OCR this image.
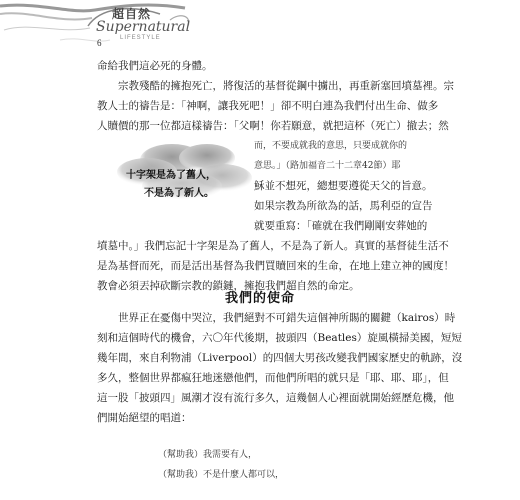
超自然
Supernatural
LIFESTYLE
6
命給我們這必死的身體。
宗教殘酷的擁抱死亡，將復活的基督從鋼中擄出，再重新塞回墳墓裡。宗
教人士的禱告是：「神啊，讓我死吧！」卻不明白連為我們付出生命、做多
人贖價的那一位都這樣禱告：「父啊！你若願意，就把這杯（死亡）撤去；然
而，不要成就我的意思，只要成就你的
意思。」（路加福音二十二章42節）耶
穌並不想死，總想要遵從天父的旨意。
如果宗教為所欲為的話，馬利亞的宣告
就要重寫：「確就在我們剛剛安葬她的
墳墓中。」我們忘記十字架是為了舊人，不是為了新人。真實的基督徒生活不
是為基督而死，而是活出基督為我們買贖回來的生命，在地上建立神的國度！
教會必須丟掉砍斷宗教的鎖鏈，擁抱我們超自然的命定。
十字架是為了舊人，
不是為了新人。
我們的使命
世界正在憂傷中哭泣，我們絕對不可錯失這個神所賜的關鍵（kairos）時
刻和這個時代的機會，六〇年代後期，披頭四（Beatles）旋風橫掃美國，短短
幾年間，來自利物浦（Liverpool）的四個大男孩改變我們國家歷史的軌跡，沒
多久，整個世界都瘋狂地迷戀他們，而他們所唱的就只是「耶、耶、耶」，但
這一股「披頭四」風潮才沒有流行多久，這幾個人心裡面就開始經歷危機，他
們開始絕望的唱道：
（幫助我）我需要有人，
（幫助我）不是什麼人都可以，
